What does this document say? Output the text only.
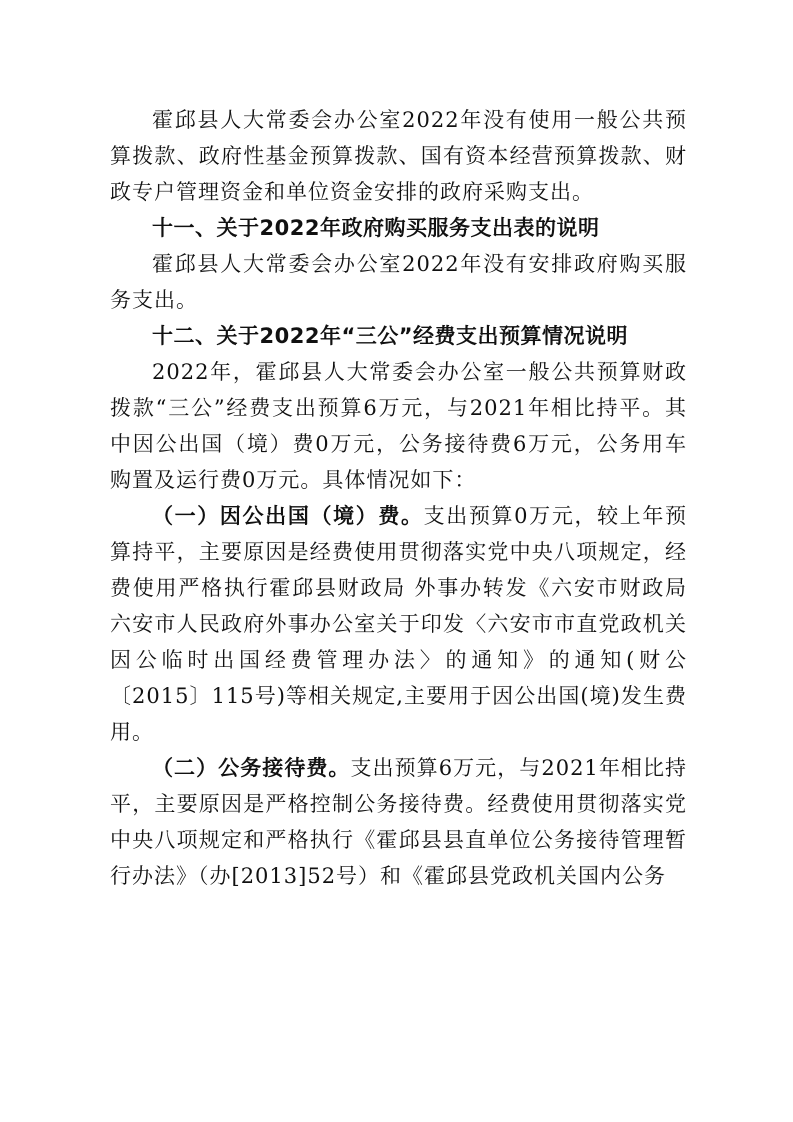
霍邱县人大常委会办公室2022年没有使用一般公共预算拨款、政府性基金预算拨款、国有资本经营预算拨款、财政专户管理资金和单位资金安排的政府采购支出。

十一、关于2022年政府购买服务支出表的说明

霍邱县人大常委会办公室2022年没有安排政府购买服务支出。

十二、关于2022年“三公”经费支出预算情况说明

2022年，霍邱县人大常委会办公室一般公共预算财政拨款“三公”经费支出预算6万元，与2021年相比持平。其中因公出国（境）费0万元，公务接待费6万元，公务用车购置及运行费0万元。具体情况如下：

（一）因公出国（境）费。支出预算0万元，较上年预算持平，主要原因是经费使用贯彻落实党中央八项规定，经费使用严格执行霍邱县财政局 外事办转发《六安市财政局六安市人民政府外事办公室关于印发〈六安市市直党政机关因公临时出国经费管理办法〉的通知》的通知(财公〔2015〕115号)等相关规定,主要用于因公出国(境)发生费用。

（二）公务接待费。支出预算6万元，与2021年相比持平，主要原因是严格控制公务接待费。经费使用贯彻落实党中央八项规定和严格执行《霍邱县县直单位公务接待管理暂行办法》（办[2013]52号）和《霍邱县党政机关国内公务
